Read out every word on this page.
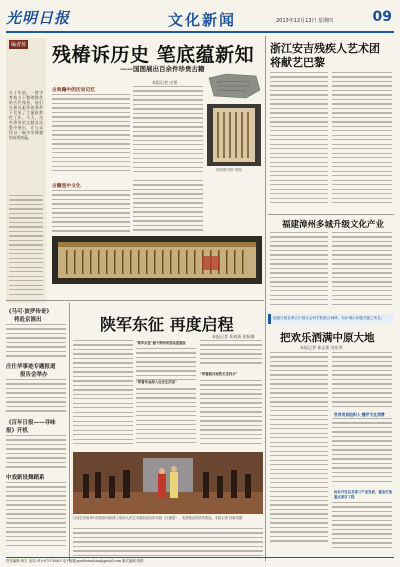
光明日报	文化新闻	2013年12月13日 星期四	09
编者按
五十年前，一群学者致力于整理散佚的古代残卷，他们在极其艰苦的条件下完成了大量抢救性工作。今天，这些珍贵的文献首次集中展出，让公众得以一窥中华典籍的深厚底蕴。
残椿诉历史 笔底蕴新知
——国图展出百余件珍贵古籍
本报记者 庄建
古典籍中的历史记忆
国家图书馆 供图
古籍里中文化
浙江安吉残疾人艺术团
将献艺巴黎
福建漳州多城升级文化产业
福建日报社联合中国社会科学院联合调研，初步揭示问题关键之所在。
把欢乐洒满中原大地
本报记者 崔志强 刘先琴
世界贸易组织人·魏宇文化消费
综合开发以及第三产业发展，重金打造重点项目工程
《马可·波罗传奇》
将赴京演出
庄仕华事迹专题报道
报告会举办
《百年日报——寻味
报》开机
中戏新设舞蹈系
陕军东征 再度启程
本报记者 杜晓英 张秋娜
"陕军东征"源于陕西省委高度重视
"带着作品深人社会生活里"
"带着剧目展的长走四方"
日前在济南举行的陕西戏剧周上陕西人民艺术剧院演出的话剧《白鹿原》，受到观众的热烈欢迎。本报记者 杜晓英摄
责任编辑:杨宇 电话:010-67078063 电子邮箱:gmrbwenhua@gmail.com 版式编辑:刘倩
